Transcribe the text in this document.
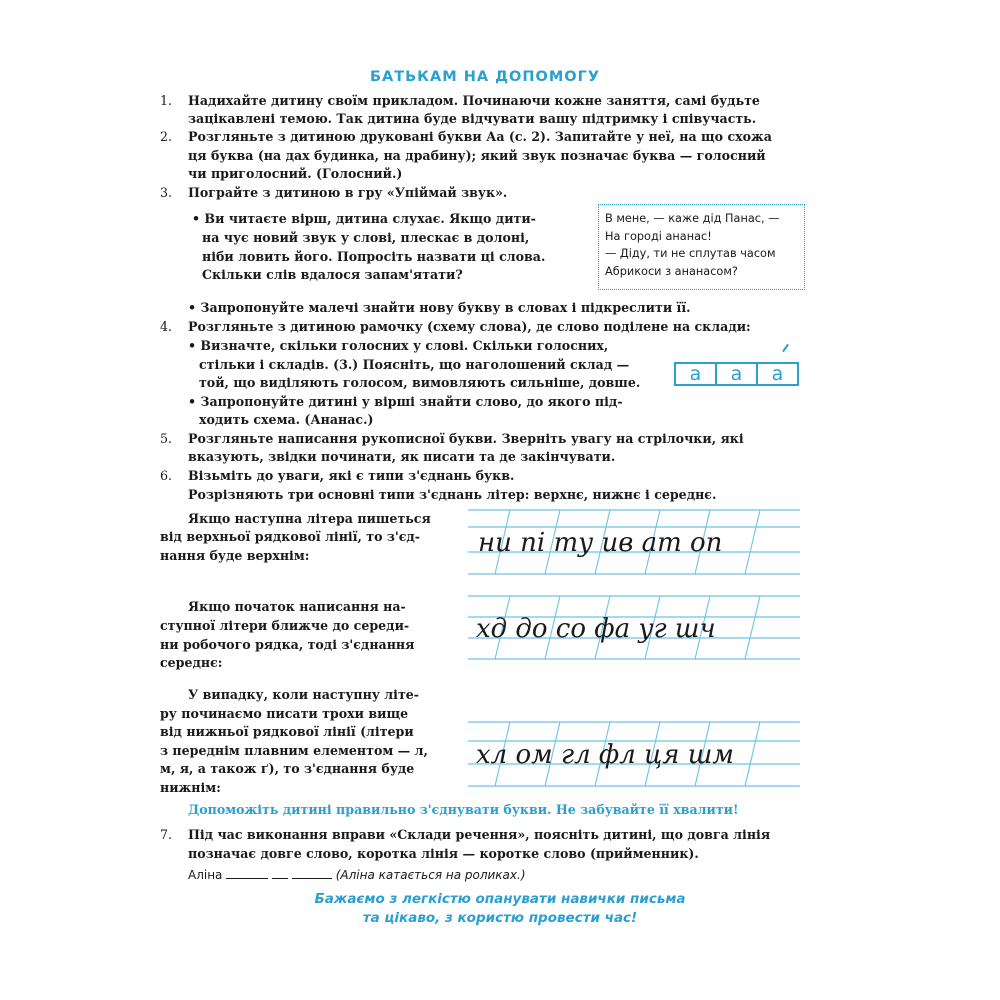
БАТЬКАМ НА ДОПОМОГУ
1. Надихайте дитину своїм прикладом. Починаючи кожне заняття, самі будьте
зацікавлені темою. Так дитина буде відчувати вашу підтримку і співучасть.
2. Розгляньте з дитиною друковані букви Аа (с. 2). Запитайте у неї, на що схожа
ця буква (на дах будинка, на драбину); який звук позначає буква — голосний
чи приголосний. (Голосний.)
3. Пограйте з дитиною в гру «Упіймай звук».
• Ви читаєте вірш, дитина слухає. Якщо дити-
на чує новий звук у слові, плескає в долоні,
ніби ловить його. Попросіть назвати ці слова.
Скільки слів вдалося запам'ятати?
В мене, — каже дід Панас, —
На городі ананас!
— Діду, ти не сплутав часом
Абрикоси з ананасом?
• Запропонуйте малечі знайти нову букву в словах і підкреслити її.
4. Розгляньте з дитиною рамочку (схему слова), де слово поділене на склади:
• Визначте, скільки голосних у слові. Скільки голосних,
стільки і складів. (3.) Поясніть, що наголошений склад —
той, що виділяють голосом, вимовляють сильніше, довше.
• Запропонуйте дитині у вірші знайти слово, до якого під-
ходить схема. (Ананас.)
а	а	а
5. Розгляньте написання рукописної букви. Зверніть увагу на стрілочки, які
вказують, звідки починати, як писати та де закінчувати.
6. Візьміть до уваги, які є типи з'єднань букв.
Розрізняють три основні типи з'єднань літер: верхнє, нижнє і середнє.
Якщо наступна літера пишеться
від верхньої рядкової лінії, то з'єд-
нання буде верхнім:
Якщо початок написання на-
ступної літери ближче до середи-
ни робочого рядка, тоді з'єднання
середнє:
У випадку, коли наступну літе-
ру починаємо писати трохи вище
від нижньої рядкової лінії (літери
з переднім плавним елементом — л,
м, я, а також ґ), то з'єднання буде
нижнім:
ни пі ту ив ат оп
хд до со фа уг шч
хл ом гл фл ця шм
Допоможіть дитині правильно з'єднувати букви. Не забувайте її хвалити!
7. Під час виконання вправи «Склади речення», поясніть дитині, що довга лінія
позначає довге слово, коротка лінія — коротке слово (прийменник).
Аліна	(Аліна катається на роликах.)
Бажаємо з легкістю опанувати навички письма
та цікаво, з користю провести час!
